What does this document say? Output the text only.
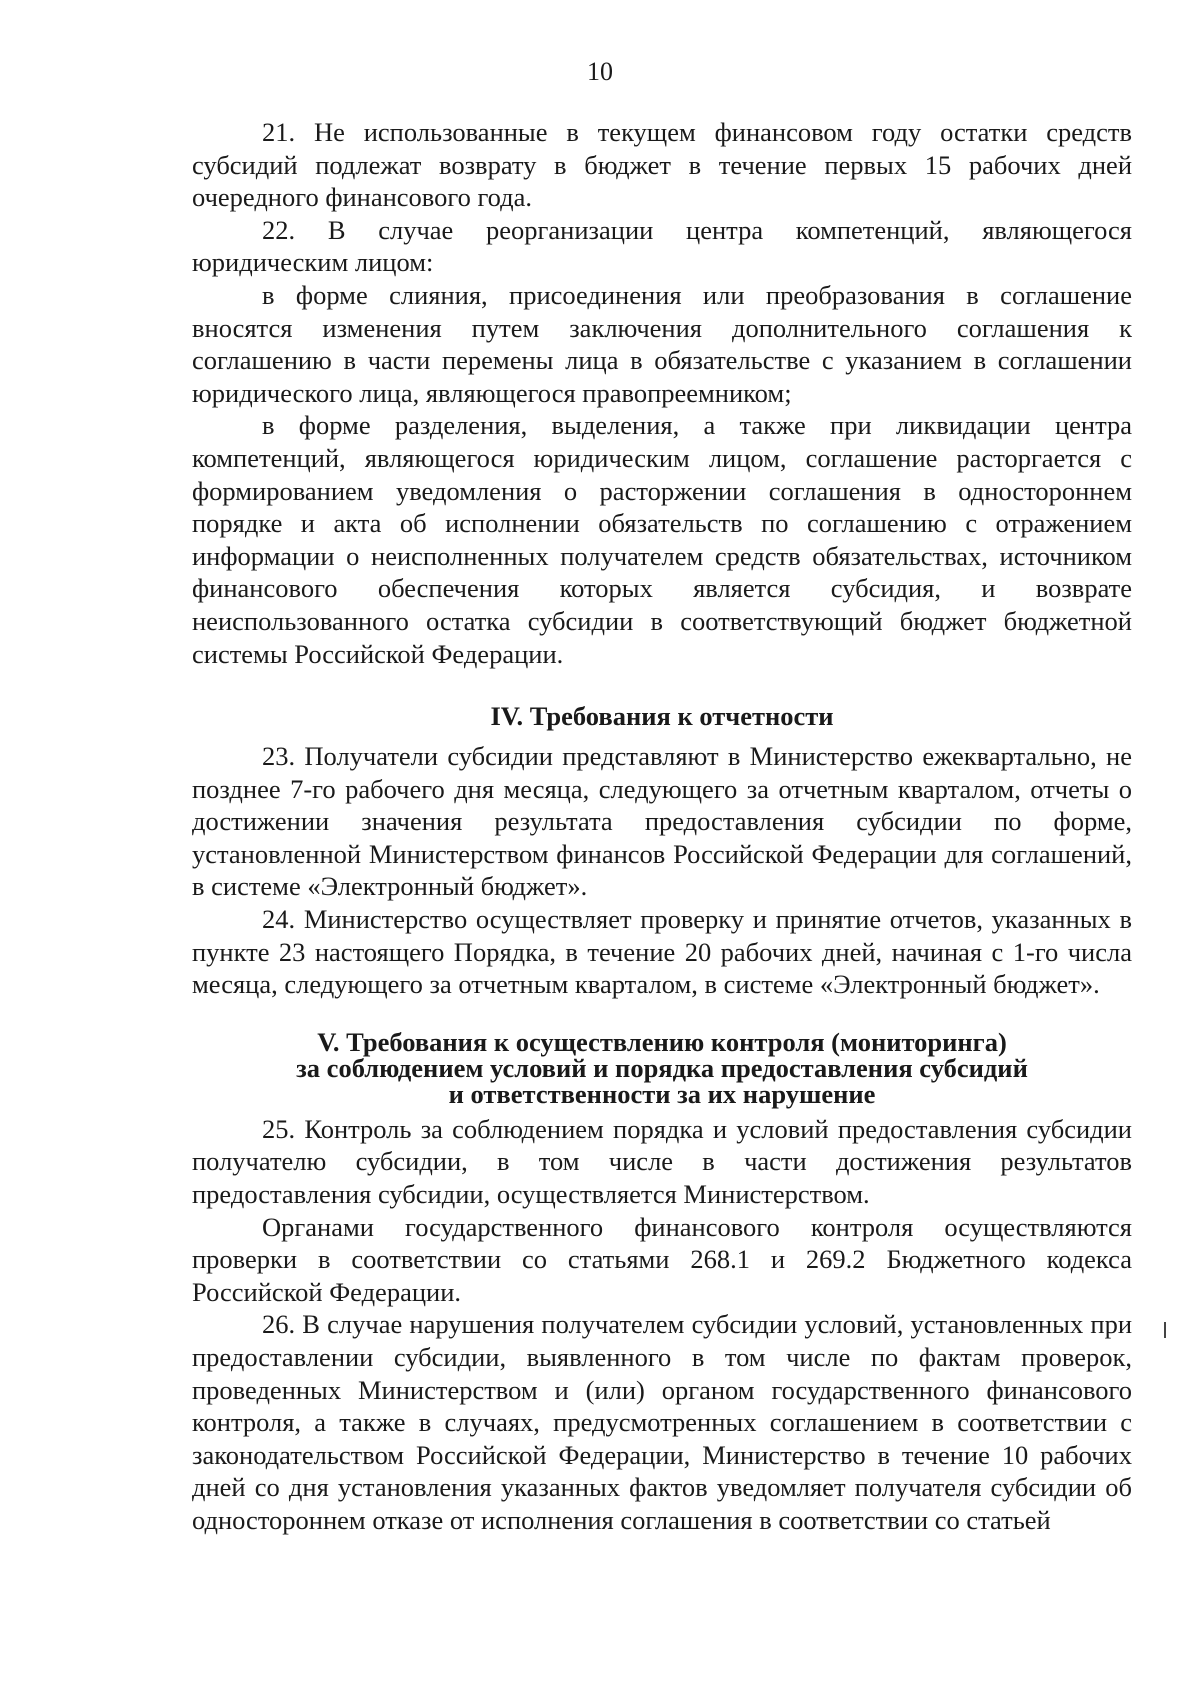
10

21. Не использованные в текущем финансовом году остатки средств субсидий подлежат возврату в бюджет в течение первых 15 рабочих дней очередного финансового года.

22. В случае реорганизации центра компетенций, являющегося юридическим лицом:

в форме слияния, присоединения или преобразования в соглашение вносятся изменения путем заключения дополнительного соглашения к соглашению в части перемены лица в обязательстве с указанием в соглашении юридического лица, являющегося правопреемником;

в форме разделения, выделения, а также при ликвидации центра компетенций, являющегося юридическим лицом, соглашение расторгается с формированием уведомления о расторжении соглашения в одностороннем порядке и акта об исполнении обязательств по соглашению с отражением информации о неисполненных получателем средств обязательствах, источником финансового обеспечения которых является субсидия, и возврате неиспользованного остатка субсидии в соответствующий бюджет бюджетной системы Российской Федерации.

IV. Требования к отчетности

23. Получатели субсидии представляют в Министерство ежеквартально, не позднее 7-го рабочего дня месяца, следующего за отчетным кварталом, отчеты о достижении значения результата предоставления субсидии по форме, установленной Министерством финансов Российской Федерации для соглашений, в системе «Электронный бюджет».

24. Министерство осуществляет проверку и принятие отчетов, указанных в пункте 23 настоящего Порядка, в течение 20 рабочих дней, начиная с 1-го числа месяца, следующего за отчетным кварталом, в системе «Электронный бюджет».

V. Требования к осуществлению контроля (мониторинга)
за соблюдением условий и порядка предоставления субсидий
и ответственности за их нарушение

25. Контроль за соблюдением порядка и условий предоставления субсидии получателю субсидии, в том числе в части достижения результатов предоставления субсидии, осуществляется Министерством.

Органами государственного финансового контроля осуществляются проверки в соответствии со статьями 268.1 и 269.2 Бюджетного кодекса Российской Федерации.

26. В случае нарушения получателем субсидии условий, установленных при предоставлении субсидии, выявленного в том числе по фактам проверок, проведенных Министерством и (или) органом государственного финансового контроля, а также в случаях, предусмотренных соглашением в соответствии с законодательством Российской Федерации, Министерство в течение 10 рабочих дней со дня установления указанных фактов уведомляет получателя субсидии об одностороннем отказе от исполнения соглашения в соответствии со статьей
